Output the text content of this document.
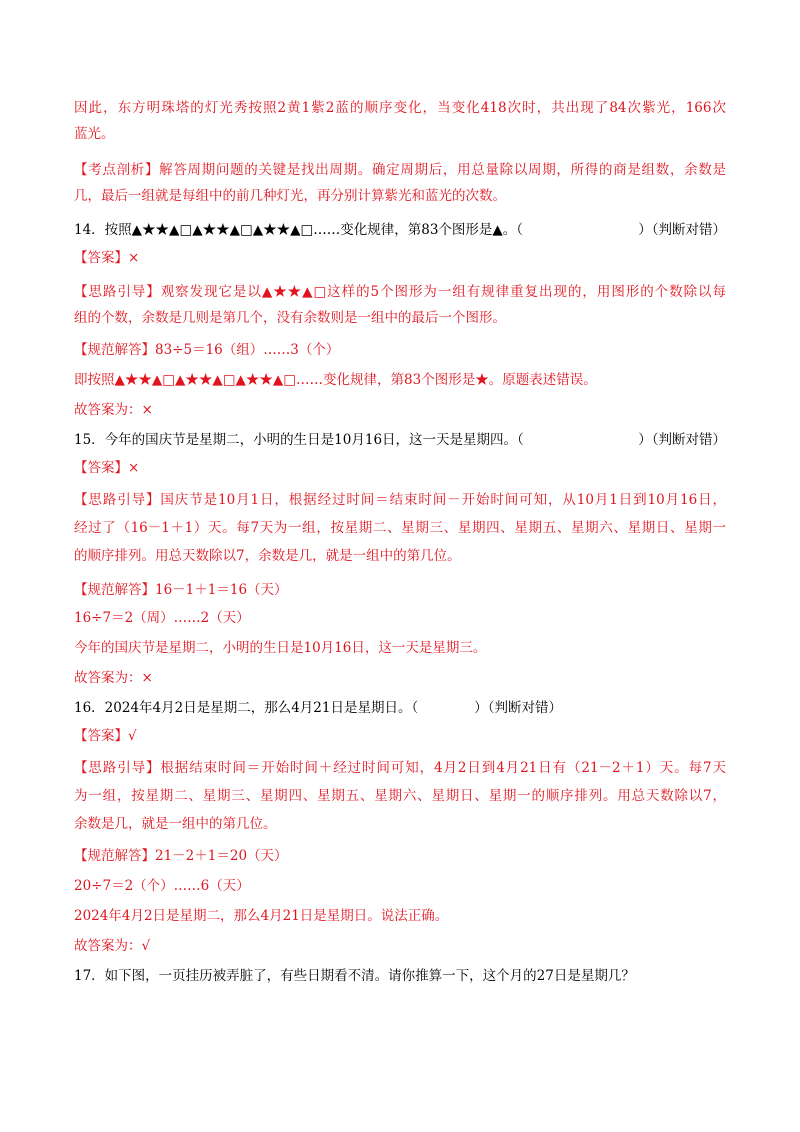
因此，东方明珠塔的灯光秀按照2黄1紫2蓝的顺序变化，当变化418次时，共出现了84次紫光，166次
蓝光。
【考点剖析】解答周期问题的关键是找出周期。确定周期后，用总量除以周期，所得的商是组数，余数是
几，最后一组就是每组中的前几种灯光，再分别计算紫光和蓝光的次数。
14．按照▲★★▲□▲★★▲□▲★★▲□……变化规律，第83个图形是▲。（	）（判断对错）
【答案】×
【思路引导】观察发现它是以▲★★▲□这样的5个图形为一组有规律重复出现的，用图形的个数除以每
组的个数，余数是几则是第几个，没有余数则是一组中的最后一个图形。
【规范解答】83÷5＝16（组）……3（个）
即按照▲★★▲□▲★★▲□▲★★▲□……变化规律，第83个图形是★。原题表述错误。
故答案为：×
15．今年的国庆节是星期二，小明的生日是10月16日，这一天是星期四。（	）（判断对错）
【答案】×
【思路引导】国庆节是10月1日，根据经过时间＝结束时间－开始时间可知，从10月1日到10月16日，
经过了（16－1＋1）天。每7天为一组，按星期二、星期三、星期四、星期五、星期六、星期日、星期一
的顺序排列。用总天数除以7，余数是几，就是一组中的第几位。
【规范解答】16－1＋1＝16（天）
16÷7＝2（周）……2（天）
今年的国庆节是星期二，小明的生日是10月16日，这一天是星期三。
故答案为：×
16．2024年4月2日是星期二，那么4月21日是星期日。（	）（判断对错）
【答案】√
【思路引导】根据结束时间＝开始时间＋经过时间可知，4月2日到4月21日有（21－2＋1）天。每7天
为一组，按星期二、星期三、星期四、星期五、星期六、星期日、星期一的顺序排列。用总天数除以7，
余数是几，就是一组中的第几位。
【规范解答】21－2＋1＝20（天）
20÷7＝2（个）……6（天）
2024年4月2日是星期二，那么4月21日是星期日。说法正确。
故答案为：√
17．如下图，一页挂历被弄脏了，有些日期看不清。请你推算一下，这个月的27日是星期几？
